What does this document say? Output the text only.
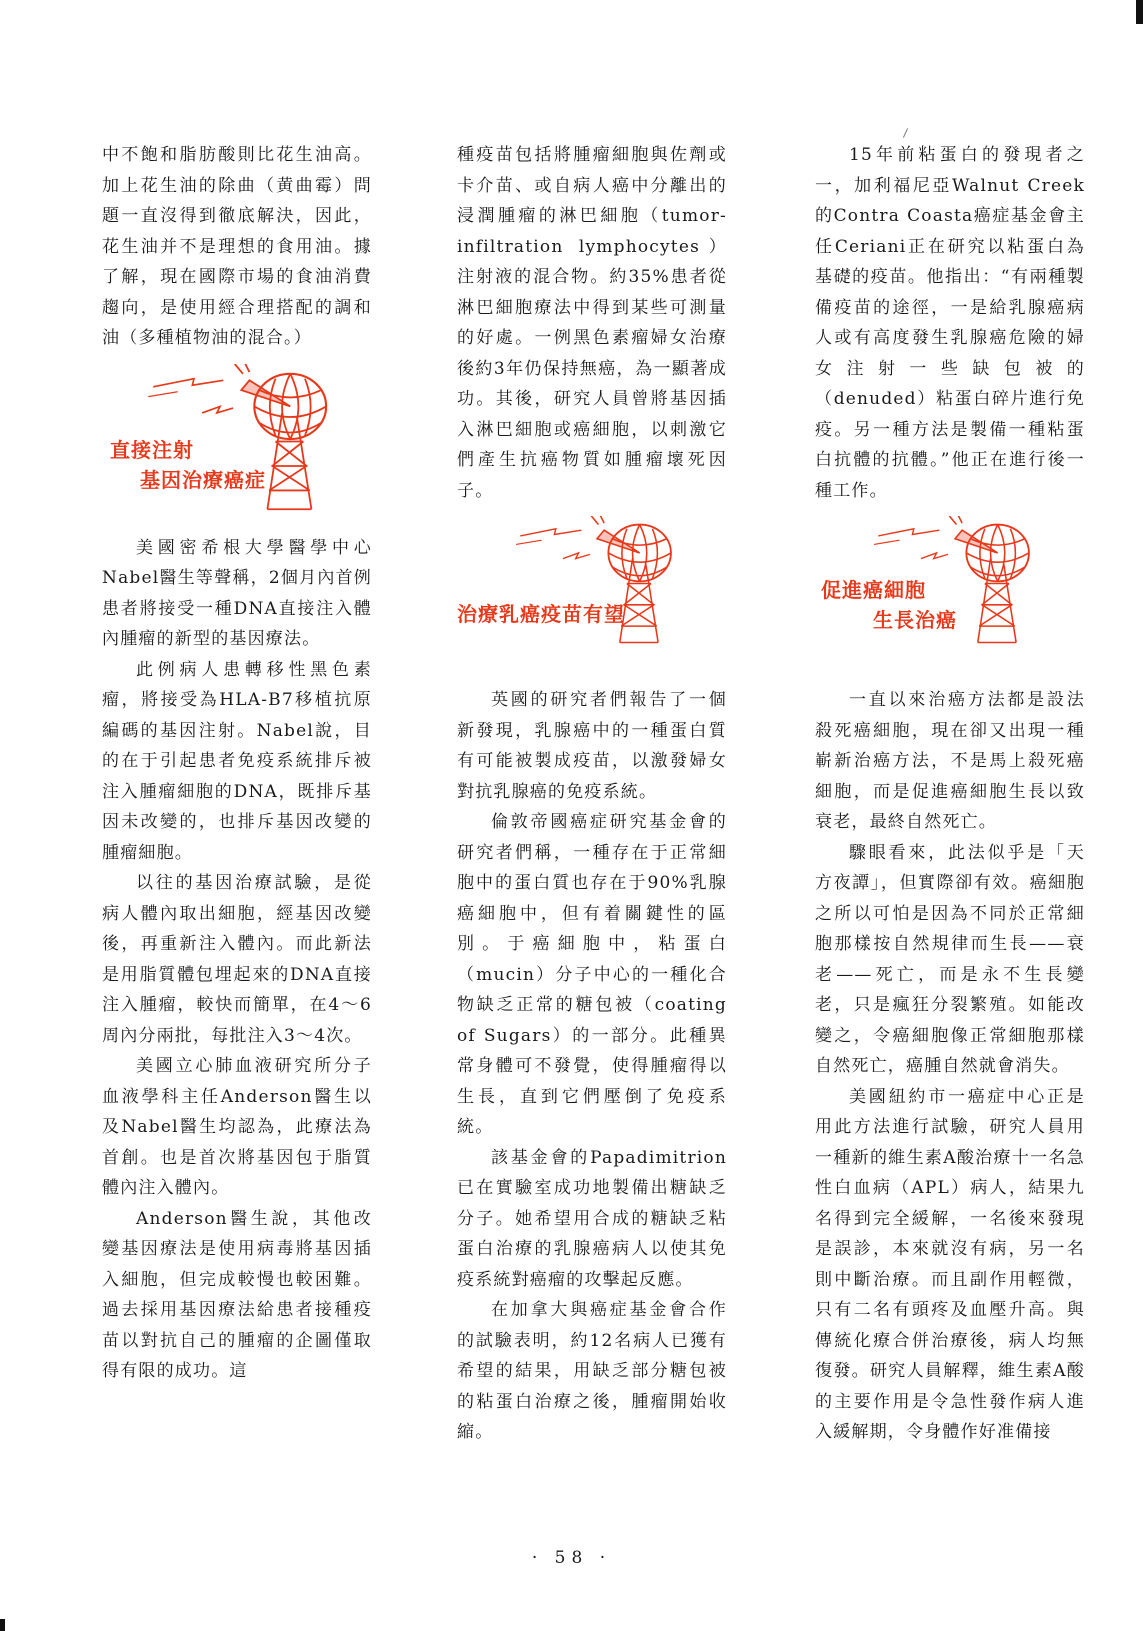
中不飽和脂肪酸則比花生油高。加上花生油的除曲（黄曲霉）問題一直沒得到徹底解決，因此，花生油并不是理想的食用油。據了解，現在國際市場的食油消費趨向，是使用經合理搭配的調和油（多種植物油的混合。）

直接注射
基因治療癌症

美國密希根大學醫學中心Nabel醫生等聲稱，2個月內首例患者將接受一種DNA直接注入體內腫瘤的新型的基因療法。

此例病人患轉移性黑色素瘤，將接受為HLA-B7移植抗原編碼的基因注射。Nabel說，目的在于引起患者免疫系統排斥被注入腫瘤細胞的DNA，既排斥基因未改變的，也排斥基因改變的腫瘤細胞。

以往的基因治療試驗，是從病人體內取出細胞，經基因改變後，再重新注入體內。而此新法是用脂質體包埋起來的DNA直接注入腫瘤，較快而簡單，在4～6周內分兩批，每批注入3～4次。

美國立心肺血液研究所分子血液學科主任Anderson醫生以及Nabel醫生均認為，此療法為首創。也是首次將基因包于脂質體內注入體內。

Anderson醫生說，其他改變基因療法是使用病毒將基因插入細胞，但完成較慢也較困難。過去採用基因療法給患者接種疫苗以對抗自己的腫瘤的企圖僅取得有限的成功。這

種疫苗包括將腫瘤細胞與佐劑或卡介苗、或自病人癌中分離出的浸潤腫瘤的淋巴細胞（tumor-infiltration lymphocytes）注射液的混合物。約35%患者從淋巴細胞療法中得到某些可測量的好處。一例黑色素瘤婦女治療後約3年仍保持無癌，為一顯著成功。其後，研究人員曾將基因插入淋巴細胞或癌細胞，以刺激它們產生抗癌物質如腫瘤壞死因子。

治療乳癌疫苗有望

英國的研究者們報告了一個新發現，乳腺癌中的一種蛋白質有可能被製成疫苗，以激發婦女對抗乳腺癌的免疫系統。

倫敦帝國癌症研究基金會的研究者們稱，一種存在于正常細胞中的蛋白質也存在于90%乳腺癌細胞中，但有着關鍵性的區別。于癌細胞中，粘蛋白（mucin）分子中心的一種化合物缺乏正常的糖包被（coating of Sugars）的一部分。此種異常身體可不發覺，使得腫瘤得以生長，直到它們壓倒了免疫系統。

該基金會的Papadimitrion已在實驗室成功地製備出糖缺乏分子。她希望用合成的糖缺乏粘蛋白治療的乳腺癌病人以使其免疫系統對癌瘤的攻擊起反應。

在加拿大與癌症基金會合作的試驗表明，約12名病人已獲有希望的結果，用缺乏部分糖包被的粘蛋白治療之後，腫瘤開始收縮。

15年前粘蛋白的發現者之一，加利福尼亞Walnut Creek的Contra Coasta癌症基金會主任Ceriani正在研究以粘蛋白為基礎的疫苗。他指出：“有兩種製備疫苗的途徑，一是給乳腺癌病人或有高度發生乳腺癌危險的婦女注射一些缺包被的（denuded）粘蛋白碎片進行免疫。另一種方法是製備一種粘蛋白抗體的抗體。”他正在進行後一種工作。

促進癌細胞
生長治癌

一直以來治癌方法都是設法殺死癌細胞，現在卻又出現一種嶄新治癌方法，不是馬上殺死癌細胞，而是促進癌細胞生長以致衰老，最終自然死亡。

驟眼看來，此法似乎是「天方夜譚」，但實際卻有效。癌細胞之所以可怕是因為不同於正常細胞那樣按自然規律而生長——衰老——死亡，而是永不生長變老，只是瘋狂分裂繁殖。如能改變之，令癌細胞像正常細胞那樣自然死亡，癌腫自然就會消失。

美國紐約市一癌症中心正是用此方法進行試驗，研究人員用一種新的維生素A酸治療十一名急性白血病（APL）病人，結果九名得到完全緩解，一名後來發現是誤診，本來就沒有病，另一名則中斷治療。而且副作用輕微，只有二名有頭疼及血壓升高。與傳統化療合併治療後，病人均無復發。研究人員解釋，維生素A酸的主要作用是令急性發作病人進入緩解期，令身體作好准備接

· 58 ·
